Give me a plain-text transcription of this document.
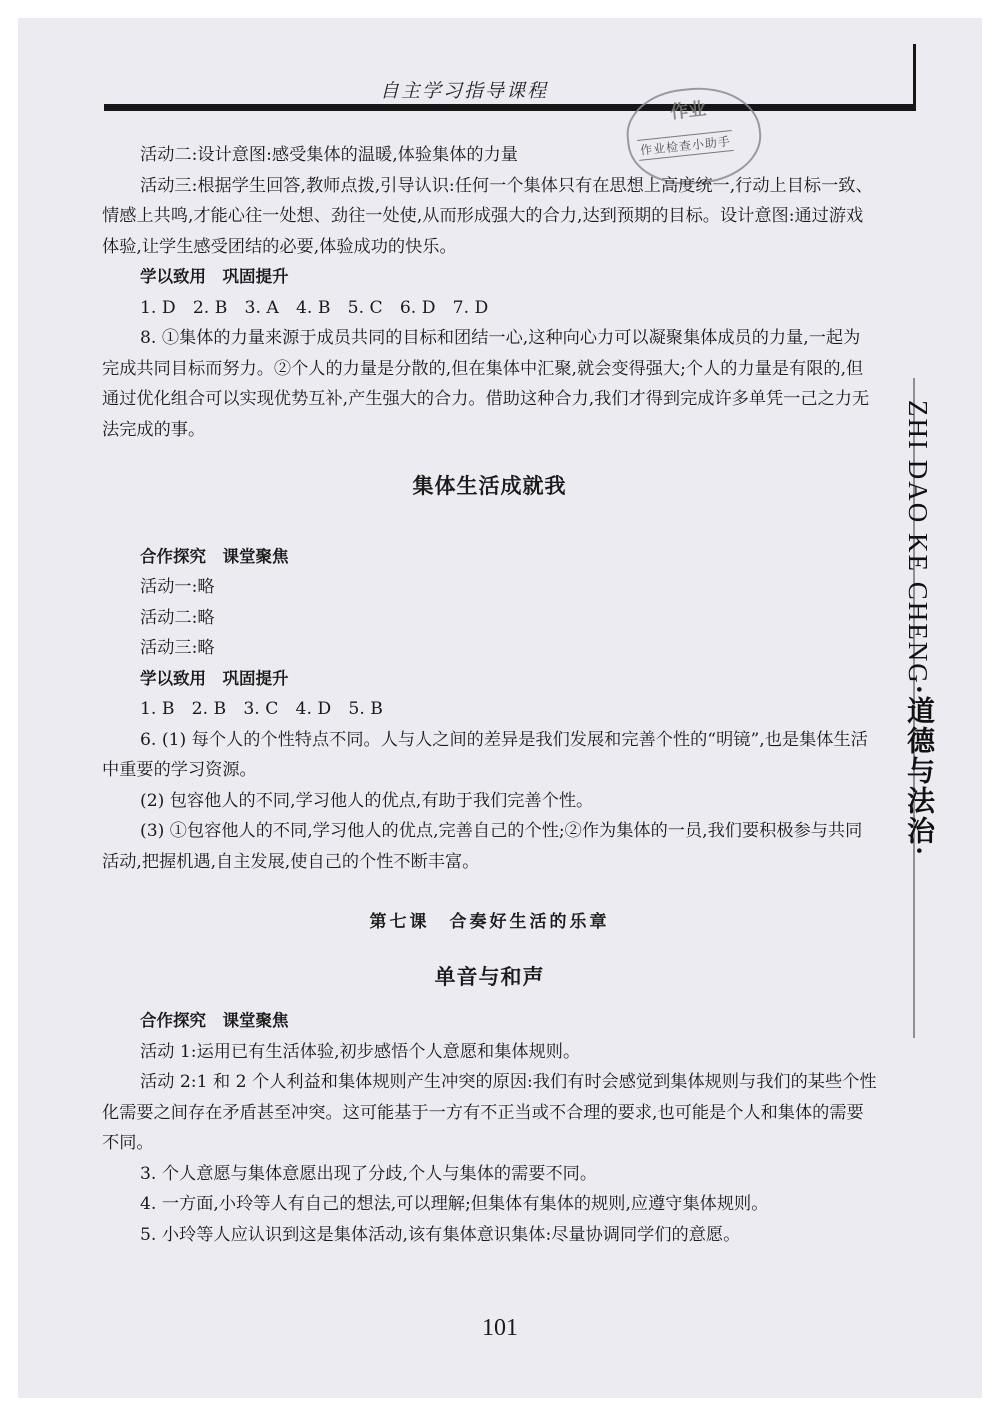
自主学习指导课程
ZHI DAO KE CHENG·道德与法治·
作业
作业检查小助手

活动二:设计意图:感受集体的温暖,体验集体的力量

活动三:根据学生回答,教师点拨,引导认识:任何一个集体只有在思想上高度统一,行动上目标一致、情感上共鸣,才能心往一处想、劲往一处使,从而形成强大的合力,达到预期的目标。设计意图:通过游戏体验,让学生感受团结的必要,体验成功的快乐。

学以致用　巩固提升

1. D　2. B　3. A　4. B　5. C　6. D　7. D

8. ①集体的力量来源于成员共同的目标和团结一心,这种向心力可以凝聚集体成员的力量,一起为完成共同目标而努力。②个人的力量是分散的,但在集体中汇聚,就会变得强大;个人的力量是有限的,但通过优化组合可以实现优势互补,产生强大的合力。借助这种合力,我们才得到完成许多单凭一己之力无法完成的事。

集体生活成就我

合作探究　课堂聚焦

活动一:略

活动二:略

活动三:略

学以致用　巩固提升

1. B　2. B　3. C　4. D　5. B

6. (1) 每个人的个性特点不同。人与人之间的差异是我们发展和完善个性的“明镜”,也是集体生活中重要的学习资源。

(2) 包容他人的不同,学习他人的优点,有助于我们完善个性。

(3) ①包容他人的不同,学习他人的优点,完善自己的个性;②作为集体的一员,我们要积极参与共同活动,把握机遇,自主发展,使自己的个性不断丰富。

第七课　合奏好生活的乐章

单音与和声

合作探究　课堂聚焦

活动 1:运用已有生活体验,初步感悟个人意愿和集体规则。

活动 2:1 和 2 个人利益和集体规则产生冲突的原因:我们有时会感觉到集体规则与我们的某些个性化需要之间存在矛盾甚至冲突。这可能基于一方有不正当或不合理的要求,也可能是个人和集体的需要不同。

3. 个人意愿与集体意愿出现了分歧,个人与集体的需要不同。

4. 一方面,小玲等人有自己的想法,可以理解;但集体有集体的规则,应遵守集体规则。

5. 小玲等人应认识到这是集体活动,该有集体意识集体:尽量协调同学们的意愿。

101
